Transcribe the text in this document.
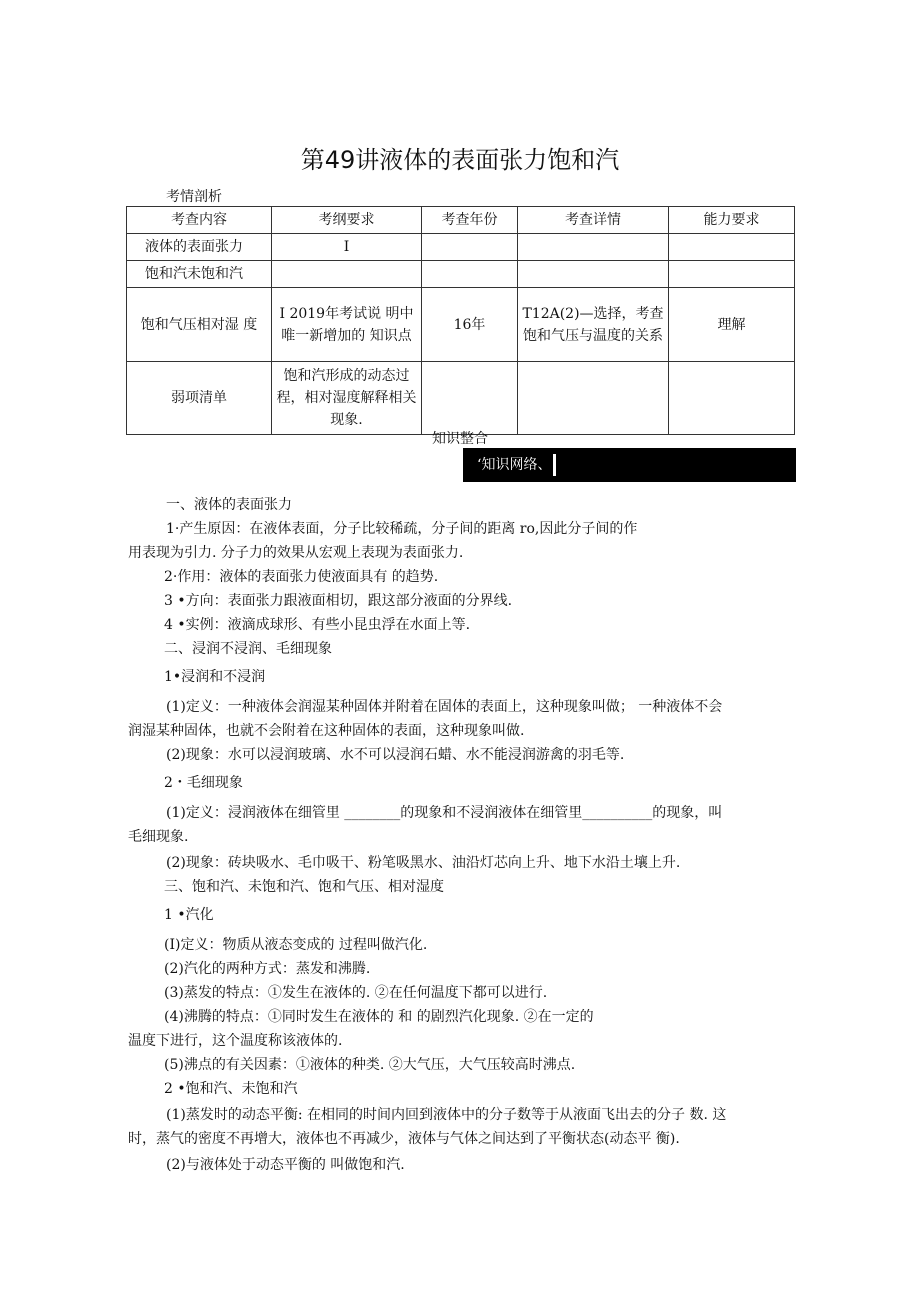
第49讲液体的表面张力饱和汽
考情剖析
考查内容	考纲要求	考查年份	考查详情	能力要求
液体的表面张力	I			
饱和汽未饱和汽				
饱和气压相对湿 度	I 2019年考试说 明中唯一新增加的 知识点	16年	T12A(2)—选择，考查饱和气压与温度的关系	理解
弱项清单	饱和汽形成的动态过程，相对湿度解释相关现象.			
知识整合
‘知识网络、
一、液体的表面张力
1·产生原因：在液体表面，分子比较稀疏，分子间的距离 ro,因此分子间的作
用表现为引力. 分子力的效果从宏观上表现为表面张力.
2·作用：液体的表面张力使液面具有 的趋势.
3 •方向：表面张力跟液面相切，跟这部分液面的分界线.
4 •实例：液滴成球形、有些小昆虫浮在水面上等.
二、浸润不浸润、毛细现象
1•浸润和不浸润
(1)定义：一种液体会润湿某种固体并附着在固体的表面上，这种现象叫做； 一种液体不会
润湿某种固体，也就不会附着在这种固体的表面，这种现象叫做.
(2)现象：水可以浸润玻璃、水不可以浸润石蜡、水不能浸润游禽的羽毛等.
2・毛细现象
(1)定义：浸润液体在细管里 ________的现象和不浸润液体在细管里__________的现象，叫
毛细现象.
(2)现象：砖块吸水、毛巾吸干、粉笔吸黑水、油沿灯芯向上升、地下水沿土壤上升.
三、饱和汽、未饱和汽、饱和气压、相对湿度
1 •汽化
(I)定义：物质从液态变成的 过程叫做汽化.
(2)汽化的两种方式：蒸发和沸腾.
(3)蒸发的特点：①发生在液体的. ②在任何温度下都可以进行.
(4)沸腾的特点：①同时发生在液体的 和 的剧烈汽化现象. ②在一定的
温度下进行，这个温度称该液体的.
(5)沸点的有关因素：①液体的种类. ②大气压，大气压较高时沸点.
2 •饱和汽、未饱和汽
(1)蒸发时的动态平衡: 在相同的时间内回到液体中的分子数等于从液面飞出去的分子 数. 这
时，蒸气的密度不再增大，液体也不再减少，液体与气体之间达到了平衡状态(动态平 衡).
(2)与液体处于动态平衡的 叫做饱和汽.
